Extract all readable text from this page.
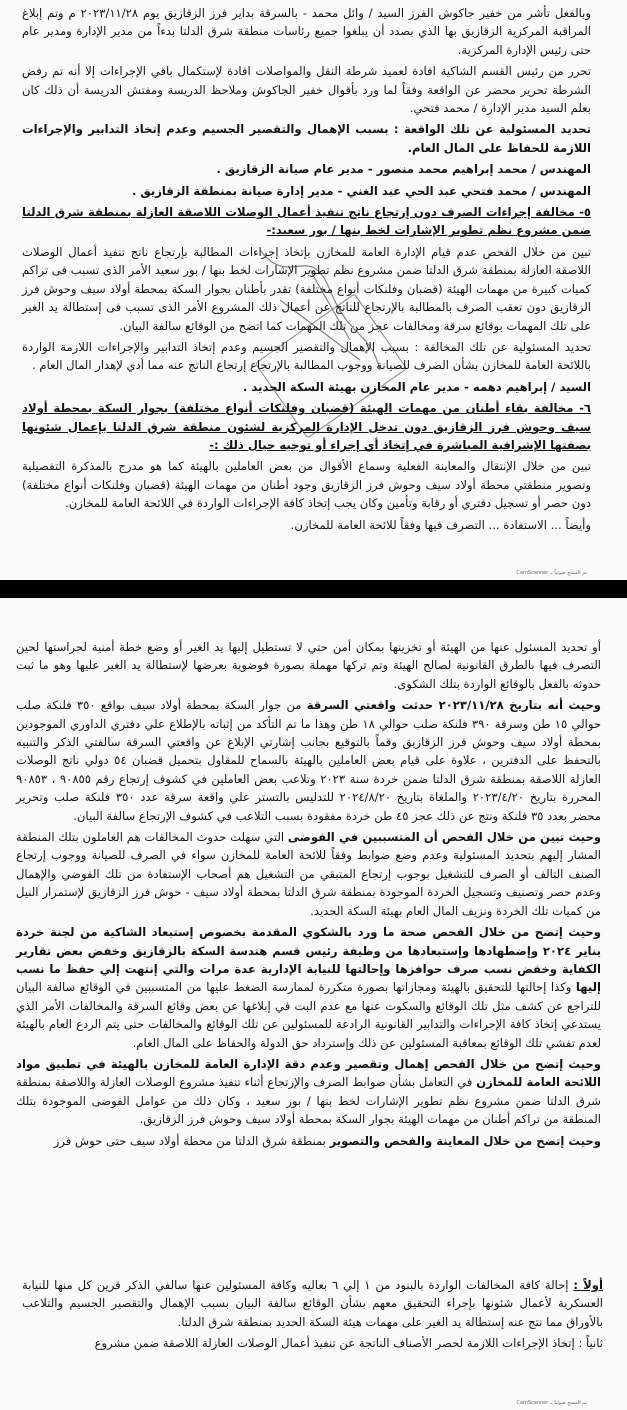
وبالفعل تأشر من خفير جاكوش الفرز السيد / وائل محمد - بالسرقة بداير فرز الزقازيق يوم ٢٠٢٣/١١/٢٨ م وتم إبلاغ المراقبة المركزية الزقازيق بها الذي بصدد أن يبلغوا جميع رئاسات منطقة شرق الدلتا بدءاً من مدير الإدارة ومدير عام حتى رئيس الإدارة المركزية.

تحرر من رئيس القسم الشاكية افادة لعميد شرطة النقل والمواصلات افادة لإستكمال باقي الإجراءات إلا أنه تم رفض الشرطة تحرير محضر عن الواقعة وفقاً لما ورد بأقوال خفير الجاكوش وملاحظ الدريسة ومفتش الدريسة أن ذلك كان بعلم السيد مدير الإدارة / محمد فتحي.

تحديد المسئولية عن تلك الواقعة : بسبب الإهمال والتقصير الجسيم وعدم إتخاذ التدابير والإجراءات اللازمة للحفاظ على المال العام.

المهندس / محمد إبراهيم محمد منصور - مدير عام صيانة الزقازيق .

المهندس / محمد فتحي عبد الحي عبد الغني - مدير إدارة صيانة بمنطقة الزقازيق .

٥- مخالفة إجراءات الصرف دون إرتجاع ناتج تنفيذ أعمال الوصلات اللاصقة العازلة بمنطقة شرق الدلتا ضمن مشروع نظم تطوير الإشارات لخط بنها / بور سعيد:-

تبين من خلال الفحص عدم قيام الإدارة العامة للمخازن بإتخاذ إجراءات المطالبة بإرتجاع ناتج تنفيذ أعمال الوصلات اللاصقة العازلة بمنطقة شرق الدلتا ضمن مشروع نظم تطوير الإشارات لخط بنها / بور سعيد الأمر الذى تسبب فى تراكم كميات كبيرة من مهمات الهيئة (قضبان وفلنكات أنواع مختلفة) تقدر بأطنان بجوار السكة بمحطة أولاد سيف وحوش فرز الزقازيق دون تعقب الصرف بالمطالبة بالإرتجاع للناتج عن أعمال ذلك المشروع الأمر الذى تسبب فى إستطالة يد الغير على تلك المهمات بوقائع سرقة ومخالفات عجز من تلك المهمات كما اتضح من الوقائع سالفة البيان.

تحديد المسئولية عن تلك المخالفة : بسبب الإهمال والتقصير الجسيم وعدم إتخاذ التدابير والإجراءات اللازمة الواردة باللائحة العامة للمخازن بشأن الصرف للصيانة ووجوب المطالبة بالإرتجاع إرتجاع الناتج عنه مما أدي لإهدار المال العام .

السيد / إبراهيم دهمه - مدير عام المخازن بهيئة السكة الحديد .

٦- مخالفة بقاء أطنان من مهمات الهيئة (قضبان وفلنكات أنواع مختلفة) بجوار السكة بمحطة أولاد سيف وحوش فرز الزقازيق دون تدخل الإدارة المركزية لشئون منطقة شرق الدلتا بإعمال شئونها بصفتها الإشرافية المباشرة في إتخاذ أي إجراء أو توجيه حيال ذلك :-

تبين من خلال الإنتقال والمعاينة الفعلية وسماع الأقوال من بعض العاملين بالهيئة كما هو مدرج بالمذكرة التفصيلية وتصوير منطقتي محطة أولاد سيف وحوش فرز الزقازيق وجود أطنان من مهمات الهيئة (قضبان وفلنكات أنواع مختلفة) دون حصر أو تسجيل دفتري أو رقابة وتأمين وكان يجب إتخاذ كافة الإجراءات الواردة في اللائحة العامة للمخازن.

وأيضاً ... الاستفادة ... التصرف فيها وفقاً للائحة العامة للمخازن.

CamScanner تم المسح ضوئياً بـ

أو تحديد المسئول عنها من الهيئة أو تخزينها بمكان أمن حتي لا تستطيل إليها يد الغير أو وضع خطة أمنية لحراستها لحين التصرف فيها بالطرق القانونية لصالح الهيئة وتم تركها مهملة بصورة فوضوية بعرضها لإستطالة يد الغير عليها وهو ما ثبت حدوثه بالفعل بالوقائع الواردة بتلك الشكوى.

وحيث أنه بتاريخ ٢٠٢٣/١١/٢٨ حدثت واقعتي السرقة من جوار السكة بمحطة أولاد سيف بواقع ٣٥٠ فلنكة صلب حوالي ١٥ طن وسرقة ٣٩٠ فلنكة صلب حوالي ١٨ طن وهذا ما تم التأكد من إثباته بالإطلاع علي دفتري الداوري الموجودين بمحطة أولاد سيف وحوش فرز الزقازيق وقماً بالتوقيع بجانب إشارتي الإبلاغ عن واقعتي السرقة سالفتي الذكر والتنبيه بالتحفظ على الدفترين ، علاوة على قيام بعض العاملين بالهيئة بالسماح للمقاول بتحميل قضبان ٥٤ دولي ناتج الوصلات العازلة اللاصقة بمنطقة شرق الدلتا ضمن خردة سنة ٢٠٢٣ وتلاعب بعض العاملين في كشوف إرتجاع رقم ٩٠٨٥٥ ، ٩٠٨٥٣ المحررة بتاريخ ٢٠٢٣/٤/٢٠ والملغاة بتاريخ ٢٠٢٤/٨/٢٠ للتدليس بالتستر علي واقعة سرقة عدد ٣٥٠ فلنكة صلب وتحرير محضر بعدد ٣٥ فلنكة ونتج عن ذلك عجز ٤٥ طن خردة مفقودة بسبب التلاعب في كشوف الإرتجاع سالفة البيان.

وحيث تبين من خلال الفحص أن المتسببين في الفوضى التي سهلت حدوث المخالفات هم العاملون بتلك المنطقة المشار إليهم بتحديد المسئولية وعدم وضع ضوابط وفقاً للائحة العامة للمخازن سواء في الصرف للصيانة ووجوب إرتجاع الصنف التالف أو الصرف للتشغيل بوجوب إرتجاع المتبقي من التشغيل هم أصحاب الإستفادة من تلك الفوضي والإهمال وعدم حصر وتصنيف وتسجيل الخردة الموجودة بمنطقة شرق الدلتا بمحطة أولاد سيف - حوش فرز الزقازيق لإستمرار النيل من كميات تلك الخردة ونزيف المال العام بهيئة السكة الحديد.

وحيث إتضح من خلال الفحص صحة ما ورد بالشكوي المقدمة بخصوص إستبعاد الشاكية من لجنة خردة يناير ٢٠٢٤ وإضطهادها وإستبعادها من وظيفة رئيس قسم هندسة السكة بالزقازيق وخفض بعض تقارير الكفاية وخفض نسب صرف حوافزها وإحالتها للنيابة الإدارية عدة مرات والتي إنتهت إلي حفظ ما نسب إليها وكذا إحالتها للتحقيق بالهيئة ومجازاتها بصورة متكررة لممارسة الضغط عليها من المتسببين في الوقائع سالفة البيان للتراجع عن كشف مثل تلك الوقائع والسكوت عنها مع عدم البت في إبلاغها عن بعض وقائع السرقة والمخالفات الأمر الذي يستدعي إتخاذ كافة الإجراءات والتدابير القانونية الرادعة للمسئولين عن تلك الوقائع والمخالفات حتى يتم الردع العام بالهيئة لعدم تفشي تلك الوقائع بمعاقبة المسئولين عن ذلك وإسترداد حق الدولة والحفاظ على المال العام.

وحيث إتضح من خلال الفحص إهمال وتقصير وعدم دقة الإدارة العامة للمخازن بالهيئة في تطبيق مواد اللائحة العامة للمخازن في التعامل بشأن ضوابط الصرف والإرتجاع أثناء تنفيذ مشروع الوصلات العازلة واللاصقة بمنطقة شرق الدلتا ضمن مشروع نظم تطوير الإشارات لخط بنها / بور سعيد ، وكان ذلك من عوامل الفوضى الموجودة بتلك المنطقة من تراكم أطنان من مهمات الهيئة بجوار السكة بمحطة أولاد سيف وحوش فرز الزقازيق.

وحيث إتضح من خلال المعاينة والفحص والتصوير بمنطقة شرق الدلتا من محطة أولاد سيف حتى حوش فرز

CamScanner تم المسح ضوئياً بـ

أولاً : إحالة كافة المخالفات الواردة بالبنود من ١ إلي ٦ بعاليه وكافة المسئولين عنها سالفي الذكر قرين كل منها للنيابة العسكرية لأعمال شئونها بإجراء التحقيق معهم بشأن الوقائع سالفة البيان بسبب الإهمال والتقصير الجسيم والتلاعب بالأوراق مما نتج عنه إستطالة يد الغير على مهمات هيئة السكة الحديد بمنطقة شرق الدلتا.

ثانياً : إتخاذ الإجراءات اللازمة لحصر الأصناف الناتجة عن تنفيذ أعمال الوصلات العازلة اللاصقة ضمن مشروع
